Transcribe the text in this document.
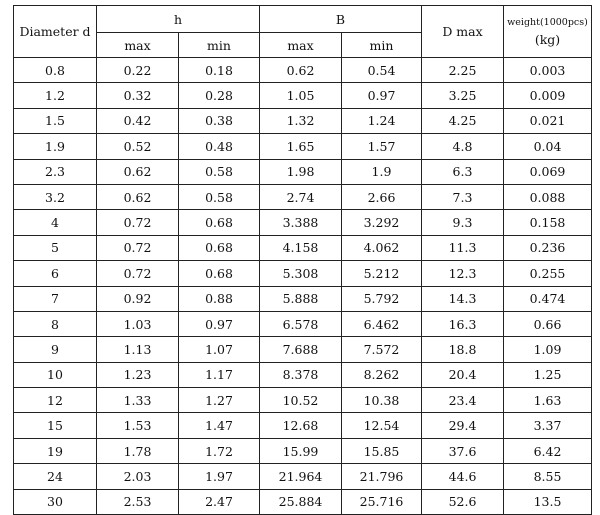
Diameter d	h		B		D max	weight(1000pcs)
(kg)

	max	min	max	min		
0.8	0.22	0.18	0.62	0.54	2.25	0.003
1.2	0.32	0.28	1.05	0.97	3.25	0.009
1.5	0.42	0.38	1.32	1.24	4.25	0.021
1.9	0.52	0.48	1.65	1.57	4.8	0.04
2.3	0.62	0.58	1.98	1.9	6.3	0.069
3.2	0.62	0.58	2.74	2.66	7.3	0.088
4	0.72	0.68	3.388	3.292	9.3	0.158
5	0.72	0.68	4.158	4.062	11.3	0.236
6	0.72	0.68	5.308	5.212	12.3	0.255
7	0.92	0.88	5.888	5.792	14.3	0.474
8	1.03	0.97	6.578	6.462	16.3	0.66
9	1.13	1.07	7.688	7.572	18.8	1.09
10	1.23	1.17	8.378	8.262	20.4	1.25
12	1.33	1.27	10.52	10.38	23.4	1.63
15	1.53	1.47	12.68	12.54	29.4	3.37
19	1.78	1.72	15.99	15.85	37.6	6.42
24	2.03	1.97	21.964	21.796	44.6	8.55
30	2.53	2.47	25.884	25.716	52.6	13.5
